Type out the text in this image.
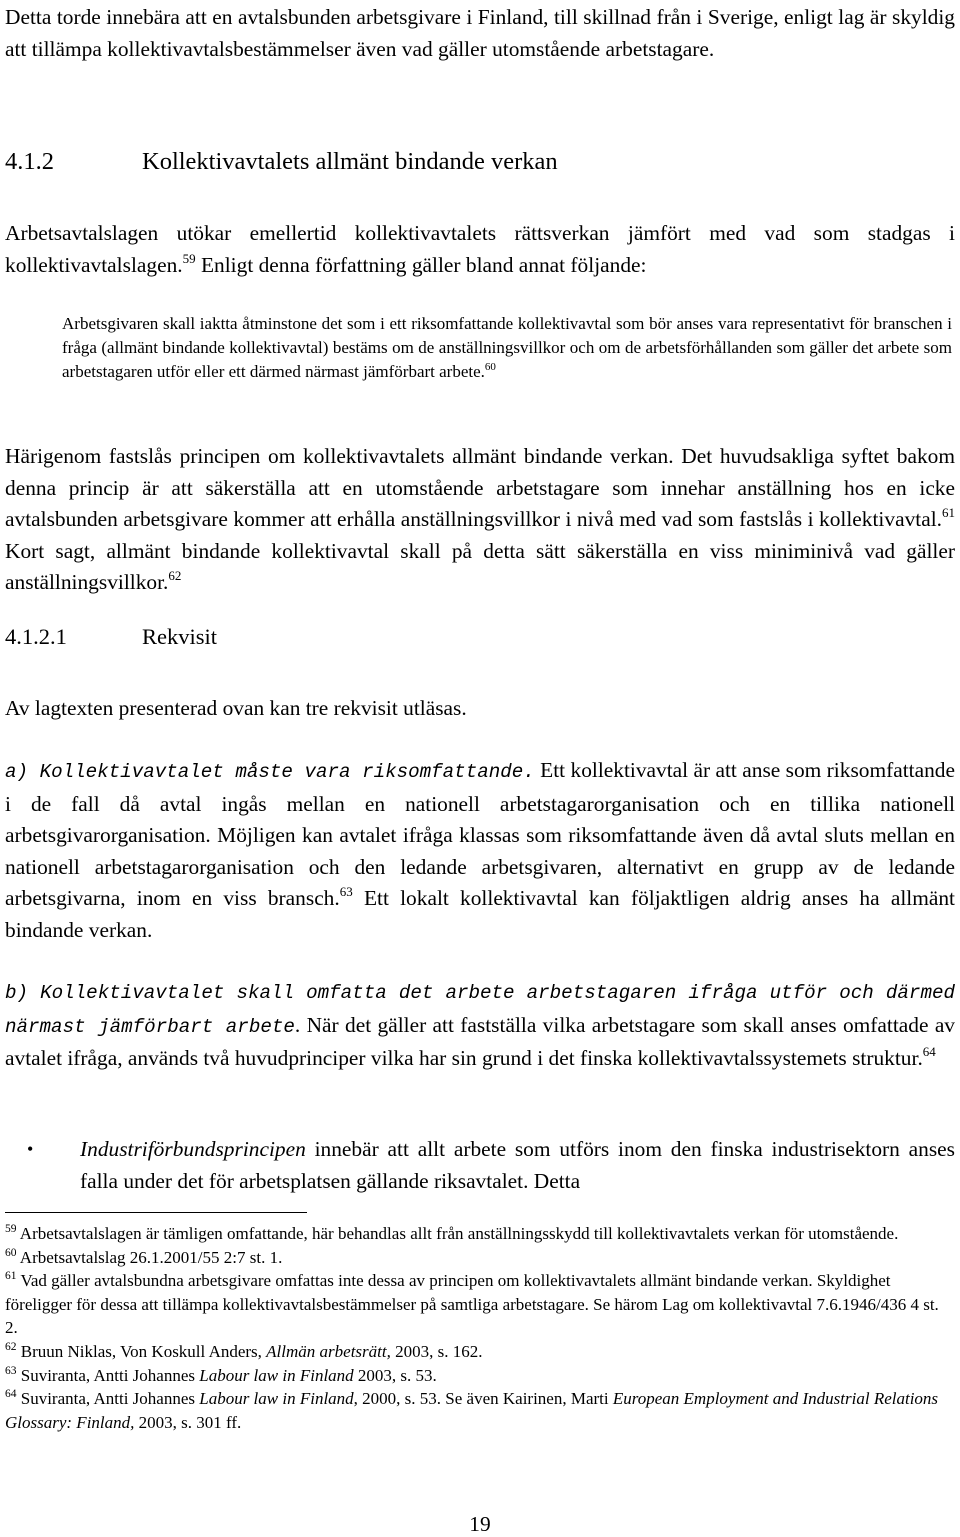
Detta torde innebära att en avtalsbunden arbetsgivare i Finland, till skillnad från i Sverige, enligt lag är skyldig att tillämpa kollektivavtalsbestämmelser även vad gäller utomstående arbetstagare.

4.1.2	Kollektivavtalets allmänt bindande verkan

Arbetsavtalslagen utökar emellertid kollektivavtalets rättsverkan jämfört med vad som stadgas i kollektivavtalslagen.$^{59}$ Enligt denna författning gäller bland annat följande:

Arbetsgivaren skall iaktta åtminstone det som i ett riksomfattande kollektivavtal som bör anses vara representativt för branschen i fråga (allmänt bindande kollektivavtal) bestäms om de anställningsvillkor och om de arbetsförhållanden som gäller det arbete som arbetstagaren utför eller ett därmed närmast jämförbart arbete.$^{60}$

Härigenom fastslås principen om kollektivavtalets allmänt bindande verkan. Det huvudsakliga syftet bakom denna princip är att säkerställa att en utomstående arbetstagare som innehar anställning hos en icke avtalsbunden arbetsgivare kommer att erhålla anställningsvillkor i nivå med vad som fastslås i kollektivavtal.$^{61}$ Kort sagt, allmänt bindande kollektivavtal skall på detta sätt säkerställa en viss miniminivå vad gäller anställningsvillkor.$^{62}$

4.1.2.1	Rekvisit

Av lagtexten presenterad ovan kan tre rekvisit utläsas.

a) Kollektivavtalet måste vara riksomfattande. Ett kollektivavtal är att anse som riksomfattande i de fall då avtal ingås mellan en nationell arbetstagarorganisation och en tillika nationell arbetsgivarorganisation. Möjligen kan avtalet ifråga klassas som riksomfattande även då avtal sluts mellan en nationell arbetstagarorganisation och den ledande arbetsgivaren, alternativt en grupp av de ledande arbetsgivarna, inom en viss bransch.$^{63}$ Ett lokalt kollektivavtal kan följaktligen aldrig anses ha allmänt bindande verkan.

b) Kollektivavtalet skall omfatta det arbete arbetstagaren ifråga utför och därmed närmast jämförbart arbete. När det gäller att fastställa vilka arbetstagare som skall anses omfattade av avtalet ifråga, används två huvudprinciper vilka har sin grund i det finska kollektivavtalssystemets struktur.$^{64}$

•	Industriförbundsprincipen innebär att allt arbete som utförs inom den finska industrisektorn anses falla under det för arbetsplatsen gällande riksavtalet. Detta

$^{59}$ Arbetsavtalslagen är tämligen omfattande, här behandlas allt från anställningsskydd till kollektivavtalets verkan för utomstående.

$^{60}$ Arbetsavtalslag 26.1.2001/55 2:7 st. 1.

$^{61}$ Vad gäller avtalsbundna arbetsgivare omfattas inte dessa av principen om kollektivavtalets allmänt bindande verkan. Skyldighet föreligger för dessa att tillämpa kollektivavtalsbestämmelser på samtliga arbetstagare. Se härom Lag om kollektivavtal 7.6.1946/436 4 st. 2.

$^{62}$ Bruun Niklas, Von Koskull Anders, Allmän arbetsrätt, 2003, s. 162.

$^{63}$ Suviranta, Antti Johannes Labour law in Finland 2003, s. 53.

$^{64}$ Suviranta, Antti Johannes Labour law in Finland, 2000, s. 53. Se även Kairinen, Marti European Employment and Industrial Relations Glossary: Finland, 2003, s. 301 ff.

19
